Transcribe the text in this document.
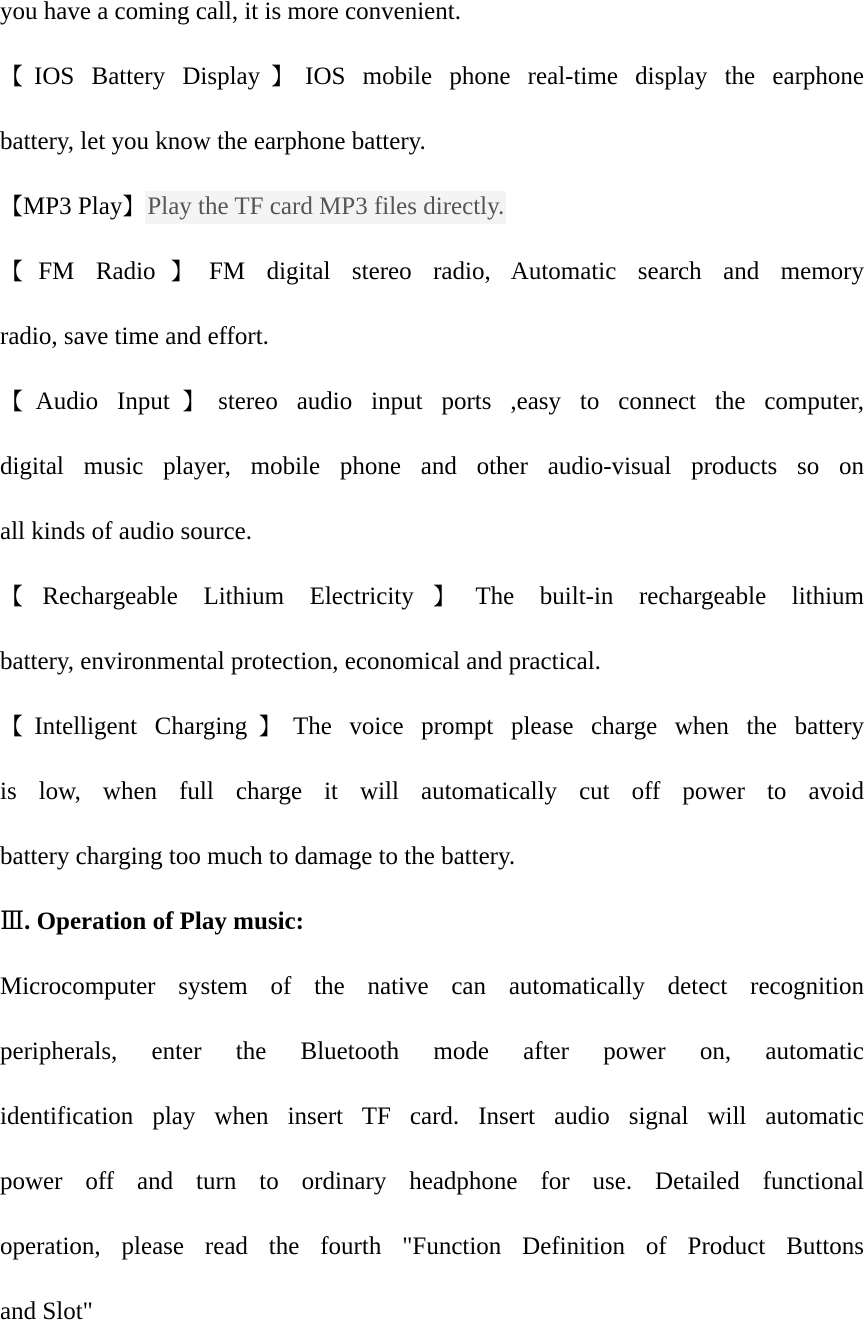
you have a coming call, it is more convenient.
【IOS Battery Display】IOS mobile phone real-time display the earphone
battery, let you know the earphone battery.
【MP3 Play】Play the TF card MP3 files directly.
【FM Radio】FM digital stereo radio, Automatic search and memory
radio, save time and effort.
【Audio Input】stereo audio input ports ,easy to connect the computer,
digital music player, mobile phone and other audio-visual products so on
all kinds of audio source.
【Rechargeable Lithium Electricity】The built-in rechargeable lithium
battery, environmental protection, economical and practical.
【Intelligent Charging】The voice prompt please charge when the battery
is low, when full charge it will automatically cut off power to avoid
battery charging too much to damage to the battery.
Ⅲ. Operation of Play music:
Microcomputer system of the native can automatically detect recognition
peripherals, enter the Bluetooth mode after power on, automatic
identification play when insert TF card. Insert audio signal will automatic
power off and turn to ordinary headphone for use. Detailed functional
operation, please read the fourth "Function Definition of Product Buttons
and Slot"
